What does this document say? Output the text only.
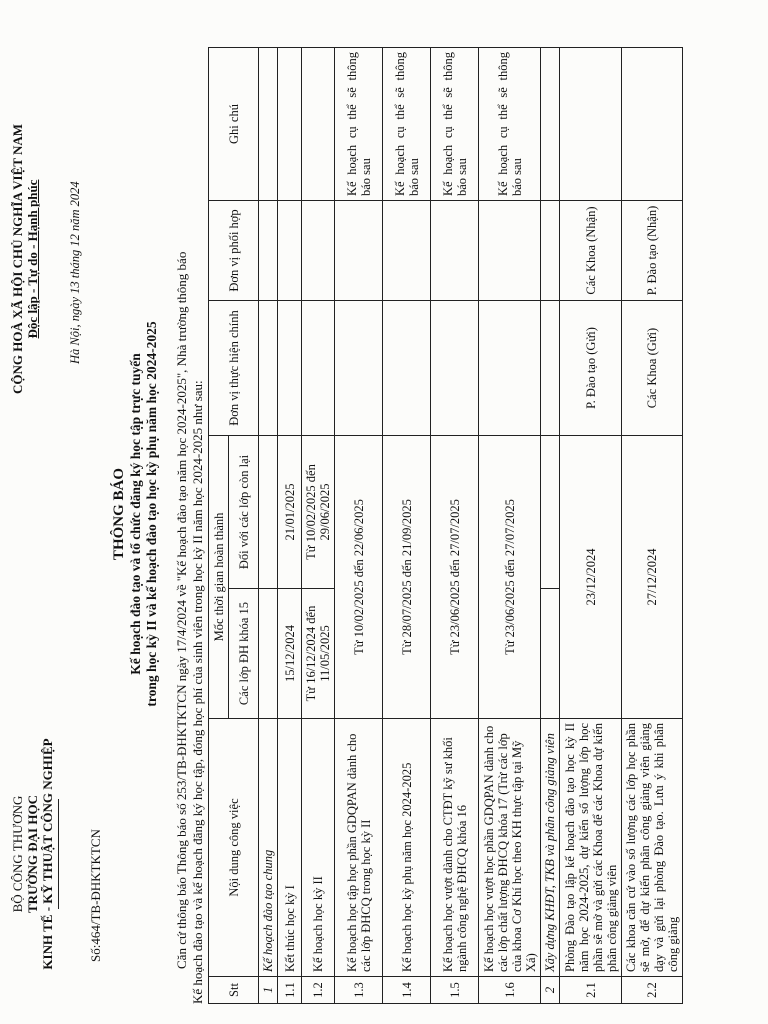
BỘ CÔNG THƯƠNG TRƯỜNG ĐẠI HỌC KINH TẾ - KỸ THUẬT CÔNG NGHIỆP	Số:464/TB-ĐHKTKTCN
CỘNG HOÀ XÃ HỘI CHỦ NGHĨA VIỆT NAM Độc lập - Tự do - Hạnh phúc Hà Nội, ngày 13 tháng 12 năm 2024
THÔNG BÁO Kế hoạch đào tạo và tổ chức đăng ký học tập trực tuyến trong học kỳ II và kế hoạch đào tạo học kỳ phụ năm học 2024-2025 Căn cứ thông báo Thông báo số 253/TB-ĐHKTKTCN ngày 17/4/2024 về "Kế hoạch đào tạo năm học 2024-2025", Nhà trường thông báo Kế hoạch đào tạo và kế hoạch đăng ký học tập, đóng học phí của sinh viên trong học kỳ II năm học 2024-2025 như sau: Stt	Nội dung công việc	Mốc thời gian hoàn thành		Đơn vị thực hiện chính	Đơn vị phối hợp	Ghi chú
		Các lớp ĐH khóa 15	Đối với các lớp còn lại			
1	Kế hoạch đào tạo chung					
1.1	Kết thúc học kỳ I	15/12/2024	21/01/2025			
1.2	Kế hoạch học kỳ II	Từ 16/12/2024 đến 11/05/2025	Từ 10/02/2025 đến 29/06/2025			
1.3	Kế hoạch học tập học phần GDQPAN dành cho các lớp ĐHCQ trong học kỳ II	Từ 10/02/2025 đến 22/06/2025				Kế hoạch cụ thể sẽ thông báo sau
1.4	Kế hoạch học kỳ phụ năm học 2024-2025	Từ 28/07/2025 đến 21/09/2025				Kế hoạch cụ thể sẽ thông báo sau
1.5	Kế hoạch học vượt dành cho CTĐT kỹ sư khối ngành công nghệ ĐHCQ khóa 16	Từ 23/06/2025 đến 27/07/2025				Kế hoạch cụ thể sẽ thông báo sau
1.6	Kế hoạch học vượt học phần GDQPAN dành cho các lớp chất lượng ĐHCQ khóa 17 (Trừ các lớp của khoa Cơ Khí học theo KH thực tập tại Mỹ Xá)	Từ 23/06/2025 đến 27/07/2025				Kế hoạch cụ thể sẽ thông báo sau
2	Xây dựng KHĐT, TKB và phân công giảng viên					
2.1	Phòng Đào tạo lập kế hoạch đào tạo học kỳ II năm học 2024-2025, dự kiến số lượng lớp học phần sẽ mở và gửi các Khoa để các Khoa dự kiến phân công giảng viên	23/12/2024		P. Đào tạo (Gửi)	Các Khoa (Nhận)	
2.2	Các khoa căn cứ vào số lượng các lớp học phần sẽ mở, để dự kiến phân công giảng viên giảng dạy và gửi lại phòng Đào tạo. Lưu ý khi phân công giảng	27/12/2024		Các Khoa (Gửi)	P. Đào tạo (Nhận)	
